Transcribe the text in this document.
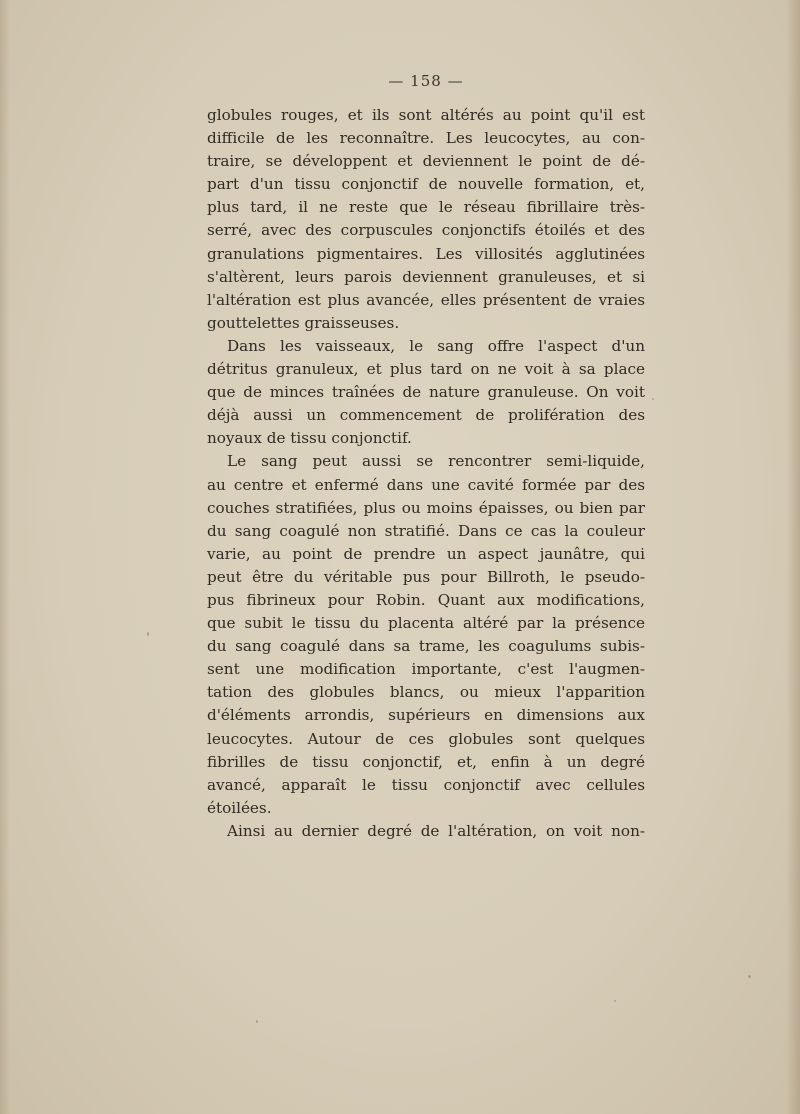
— 158 —
globules rouges, et ils sont altérés au point qu'il est
difficile de les reconnaître. Les leucocytes, au con-
traire, se développent et deviennent le point de dé-
part d'un tissu conjonctif de nouvelle formation, et,
plus tard, il ne reste que le réseau fibrillaire très-
serré, avec des corpuscules conjonctifs étoilés et des
granulations pigmentaires. Les villosités agglutinées
s'altèrent, leurs parois deviennent granuleuses, et si
l'altération est plus avancée, elles présentent de vraies
gouttelettes graisseuses.
Dans les vaisseaux, le sang offre l'aspect d'un
détritus granuleux, et plus tard on ne voit à sa place
que de minces traînées de nature granuleuse. On voit
déjà aussi un commencement de prolifération des
noyaux de tissu conjonctif.
Le sang peut aussi se rencontrer semi-liquide,
au centre et enfermé dans une cavité formée par des
couches stratifiées, plus ou moins épaisses, ou bien par
du sang coagulé non stratifié. Dans ce cas la couleur
varie, au point de prendre un aspect jaunâtre, qui
peut être du véritable pus pour Billroth, le pseudo-
pus fibrineux pour Robin. Quant aux modifications,
que subit le tissu du placenta altéré par la présence
du sang coagulé dans sa trame, les coagulums subis-
sent une modification importante, c'est l'augmen-
tation des globules blancs, ou mieux l'apparition
d'éléments arrondis, supérieurs en dimensions aux
leucocytes. Autour de ces globules sont quelques
fibrilles de tissu conjonctif, et, enfin à un degré
avancé, apparaît le tissu conjonctif avec cellules
étoilées.
Ainsi au dernier degré de l'altération, on voit non-
